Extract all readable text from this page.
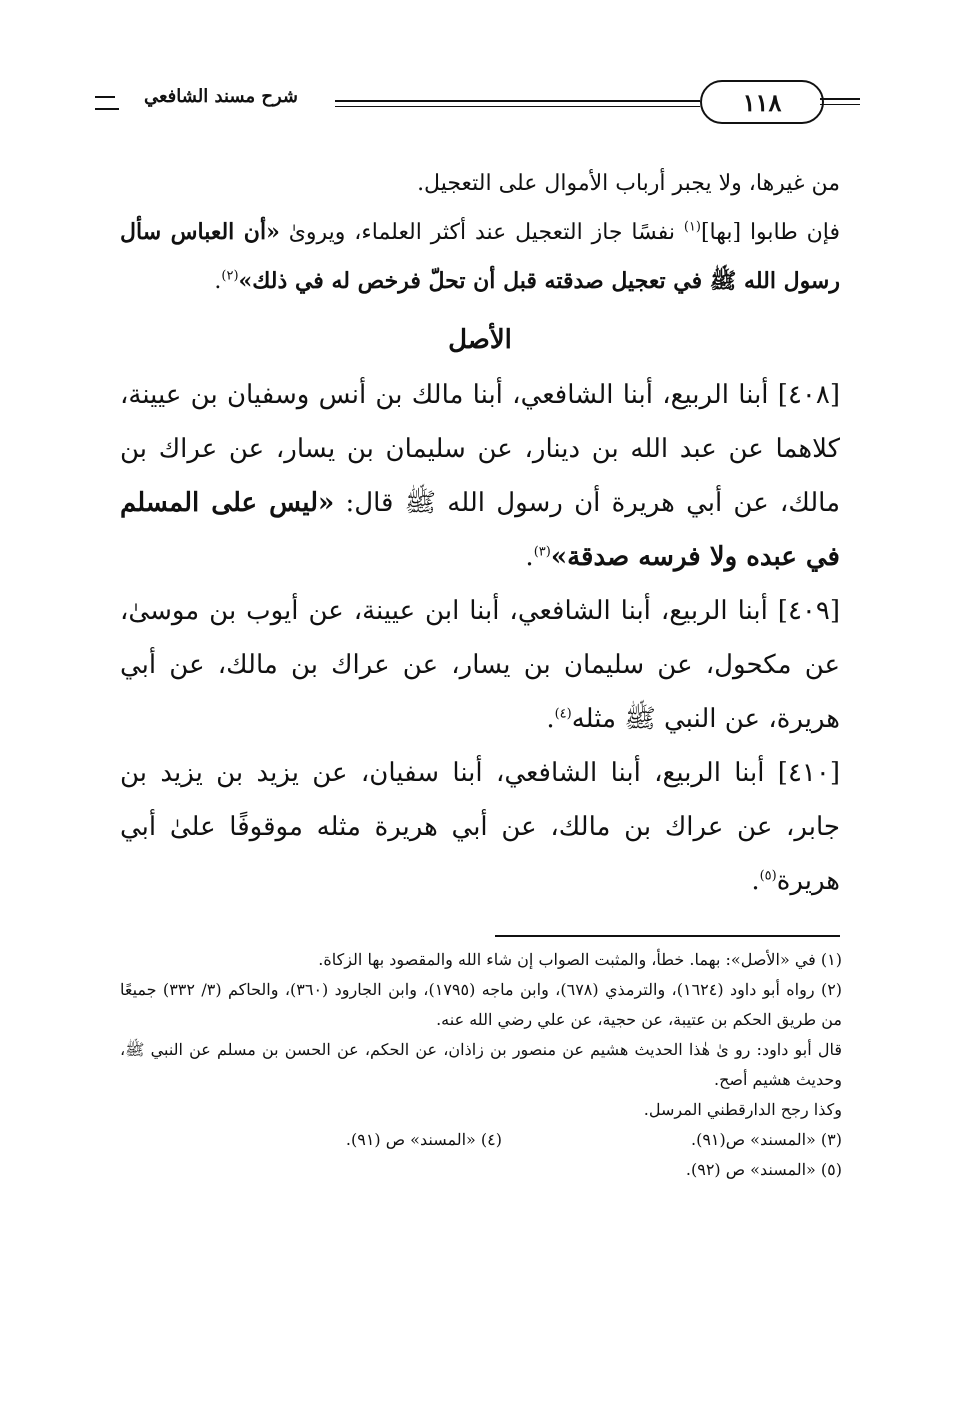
شرح مسند الشافعي	١١٨

من غيرها، ولا يجبر أرباب الأموال على التعجيل.

فإن طابوا [بها]$^{(١)}$ نفسًا جاز التعجيل عند أكثر العلماء، ويروىٰ «أن العباس سأل رسول الله ﷺ في تعجيل صدقته قبل أن تحلّ فرخص له في ذلك»$^{(٢)}$.

الأصل

[٤٠٨] أبنا الربيع، أبنا الشافعي، أبنا مالك بن أنس وسفيان بن عيينة، كلاهما عن عبد الله بن دينار، عن سليمان بن يسار، عن عراك بن مالك، عن أبي هريرة أن رسول الله ﷺ قال: «ليس على المسلم في عبده ولا فرسه صدقة»$^{(٣)}$.

[٤٠٩] أبنا الربيع، أبنا الشافعي، أبنا ابن عيينة، عن أيوب بن موسىٰ، عن مكحول، عن سليمان بن يسار، عن عراك بن مالك، عن أبي هريرة، عن النبي ﷺ مثله$^{(٤)}$.

[٤١٠] أبنا الربيع، أبنا الشافعي، أبنا سفيان، عن يزيد بن يزيد بن جابر، عن عراك بن مالك، عن أبي هريرة مثله موقوفًا علىٰ أبي هريرة$^{(٥)}$.

(١) في «الأصل»: بهما. خطأ، والمثبت الصواب إن شاء الله والمقصود بها الزكاة.

(٢) رواه أبو داود (١٦٢٤)، والترمذي (٦٧٨)، وابن ماجه (١٧٩٥)، وابن الجارود (٣٦٠)، والحاكم (٣/ ٣٣٢) جميعًا من طريق الحكم بن عتيبة، عن حجية، عن علي رضي الله عنه.

قال أبو داود: رو ىٰ هٰذا الحديث هشيم عن منصور بن زاذان، عن الحكم، عن الحسن بن مسلم عن النبي ﷺ، وحديث هشيم أصح.

وكذا رجح الدارقطني المرسل.

(٣) «المسند» ص(٩١).
(٤) «المسند» ص (٩١).

(٥) «المسند» ص (٩٢).
